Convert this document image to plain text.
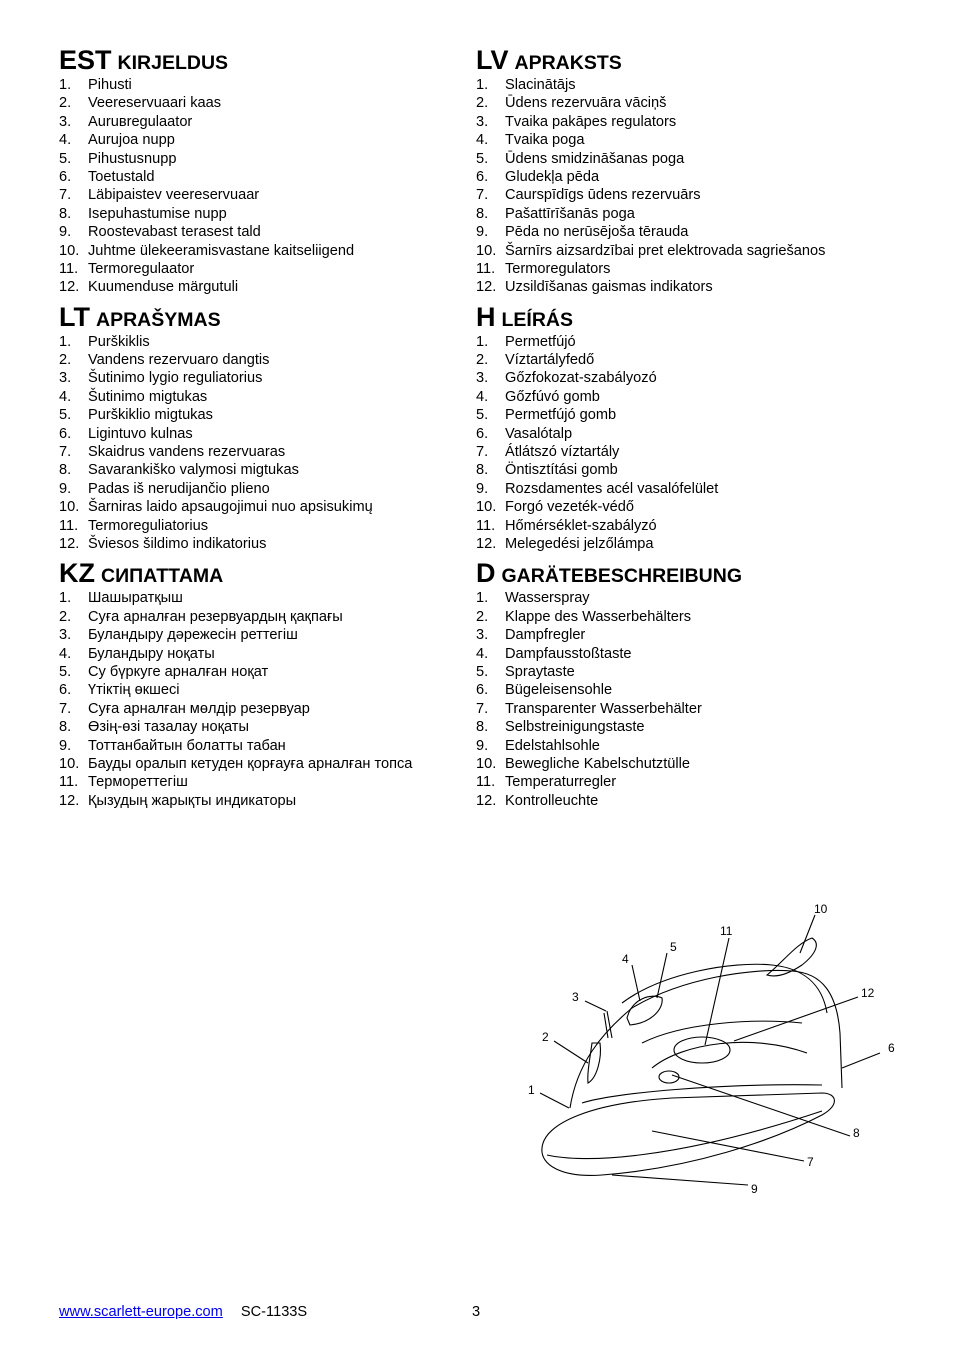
EST KIRJELDUS
1. Pihusti
2. Veereservuaari kaas
3. Auruвregulaator
4. Aurujoa nupp
5. Pihustusnupp
6. Toetustald
7. Läbipaistev veereservuaar
8. Isepuhastumise nupp
9. Roostevabast terasest tald
10. Juhtme ülekeeramisvastane kaitseliigend
11. Termoregulaator
12. Kuumenduse märgutuli
LT APRAŠYMAS
1. Purškiklis
2. Vandens rezervuaro dangtis
3. Šutinimo lygio reguliatorius
4. Šutinimo migtukas
5. Purškiklio migtukas
6. Ligintuvo kulnas
7. Skaidrus vandens rezervuaras
8. Savarankiško valymosi migtukas
9. Padas iš nerudijančio plieno
10. Šarniras laido apsaugojimui nuo apsisukimų
11. Termoreguliatorius
12. Šviesos šildimo indikatorius
KZ СИПАТТАМА
1. Шашыратқыш
2. Суға арналған резервуардың қақпағы
3. Буландыру дәрежесін реттегіш
4. Буландыру ноқаты
5. Су бүркуге арналған ноқат
6. Үтіктің өкшесі
7. Суға арналған мөлдір резервуар
8. Өзің-өзі тазалау ноқаты
9. Тоттанбайтын болатты табан
10. Бауды оралып кетуден қорғауға арналған топса
11. Термореттегіш
12. Қызудың жарықты индикаторы
LV APRAKSTS
1. Slacinātājs
2. Ūdens rezervuāra vāciņš
3. Tvaika pakāpes regulators
4. Tvaika poga
5. Ūdens smidzināšanas poga
6. Gludekļa pēda
7. Caurspīdīgs ūdens rezervuārs
8. Pašattīrīšanās poga
9. Pēda no nerūsējoša tērauda
10. Šarnīrs aizsardzībai pret elektrovada sagriešanos
11. Termoregulators
12. Uzsildīšanas gaismas indikators
H LEÍRÁS
1. Permetfújó
2. Víztartályfedő
3. Gőzfokozat-szabályozó
4. Gőzfúvó gomb
5. Permetfújó gomb
6. Vasalótalp
7. Átlátszó víztartály
8. Öntisztítási gomb
9. Rozsdamentes acél vasalófelület
10. Forgó vezeték-védő
11. Hőmérséklet-szabályzó
12. Melegedési jelzőlámpa
D GARÄTEBESCHREIBUNG
1. Wasserspray
2. Klappe des Wasserbehälters
3. Dampfregler
4. Dampfausstoßtaste
5. Spraytaste
6. Bügeleisensohle
7. Transparenter Wasserbehälter
8. Selbstreinigungstaste
9. Edelstahlsohle
10. Bewegliche Kabelschutztülle
11. Temperaturregler
12. Kontrolleuchte
10
11
5
4
3	12
2
6
1
8
7
9
www.scarlett-europe.com SC-1133S	3
